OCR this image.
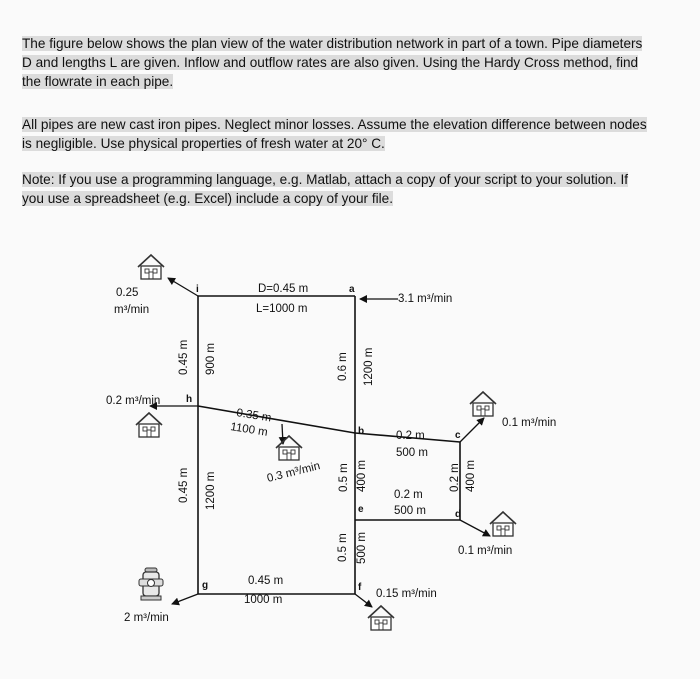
The figure below shows the plan view of the water distribution network in part of a town. Pipe diameters D and lengths L are given. Inflow and outflow rates are also given. Using the Hardy Cross method, find the flowrate in each pipe.
All pipes are new cast iron pipes. Neglect minor losses. Assume the elevation difference between nodes is negligible. Use physical properties of fresh water at 20° C.
Note: If you use a programming language, e.g. Matlab, attach a copy of your script to your solution. If you use a spreadsheet (e.g. Excel) include a copy of your file.
a
b	c
d
e
f
g
h
i
3.1 m³/min
0.25
m³/min
0.2 m³/min
0.3 m³/min
0.1 m³/min
0.1 m³/min
0.15 m³/min
2 m³/min
D=0.45 m
L=1000 m
0.6 m 1200 m
0.45 m 900 m
0.35 m
1100 m	0.2 m
500 m
0.2 m 400 m
0.5 m 400 m
0.2 m
500 m
0.5 m 500 m
0.45 m 1200 m
0.45 m
1000 m
